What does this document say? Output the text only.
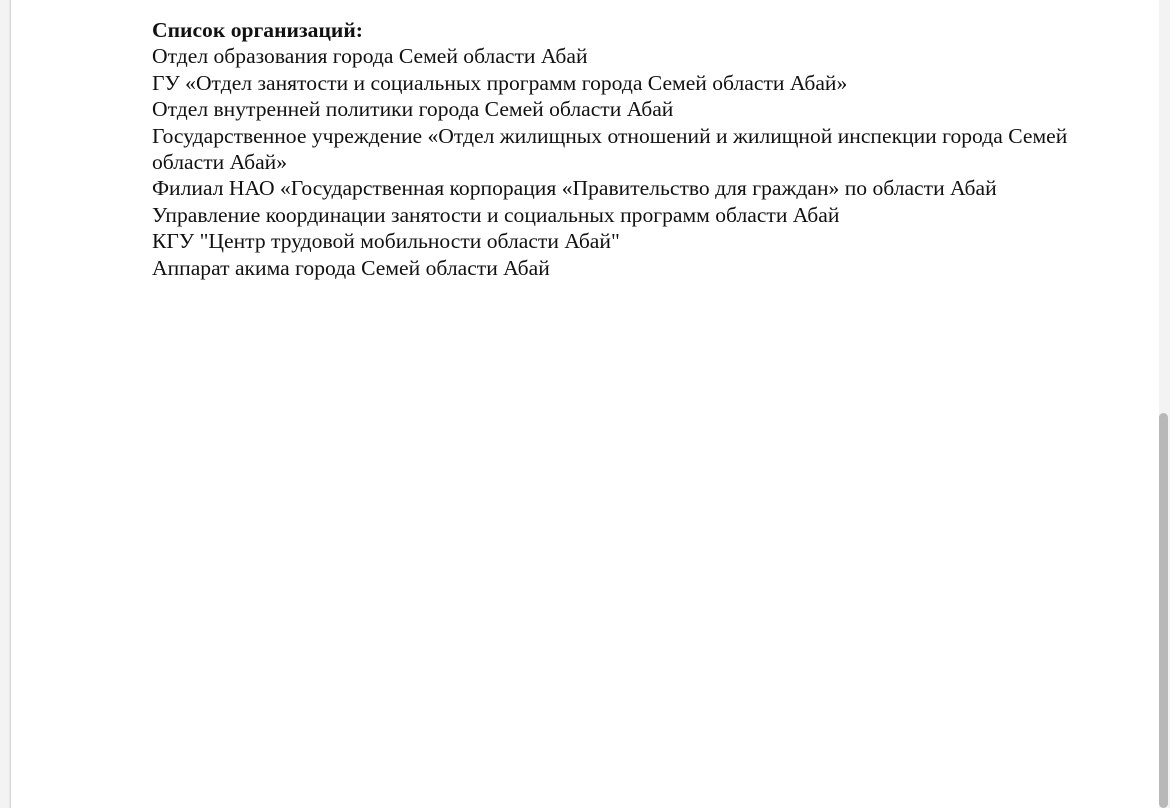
Список организаций:

Отдел образования города Семей области Абай
ГУ «Отдел занятости и социальных программ города Семей области Абай»
Отдел внутренней политики города Семей области Абай
Государственное учреждение «Отдел жилищных отношений и жилищной инспекции города Семей области Абай»
Филиал НАО «Государственная корпорация «Правительство для граждан» по области Абай
Управление координации занятости и социальных программ области Абай
КГУ "Центр трудовой мобильности области Абай"
Аппарат акима города Семей области Абай
